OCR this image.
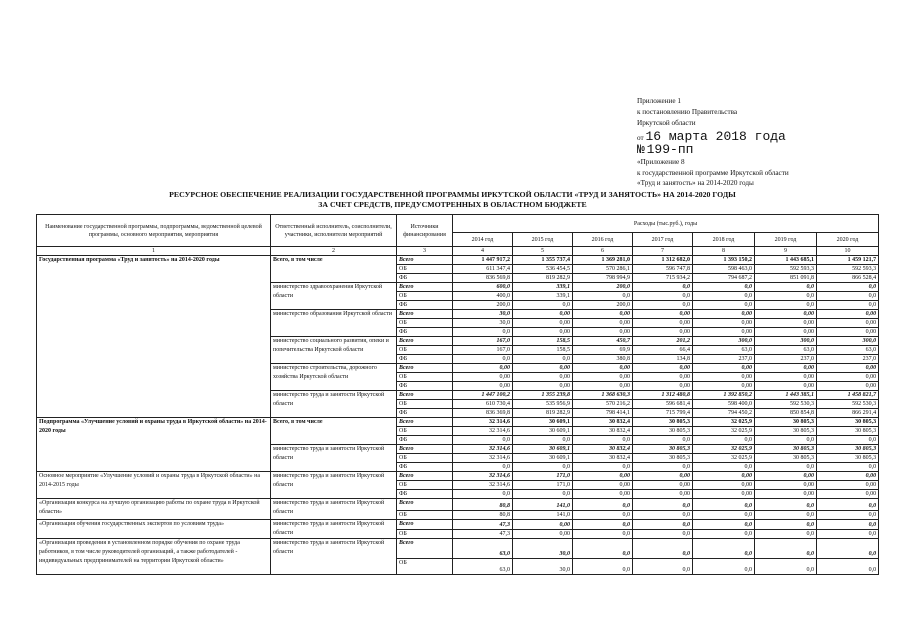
Приложение 1
к постановлению Правительства
Иркутской области
от 16 марта 2018 года
№ 199-пп
«Приложение 8
к государственной программе Иркутской области
«Труд и занятость» на 2014-2020 годы
РЕСУРСНОЕ ОБЕСПЕЧЕНИЕ РЕАЛИЗАЦИИ ГОСУДАРСТВЕННОЙ ПРОГРАММЫ ИРКУТСКОЙ ОБЛАСТИ «ТРУД И ЗАНЯТОСТЬ» НА 2014-2020 ГОДЫ
ЗА СЧЕТ СРЕДСТВ, ПРЕДУСМОТРЕННЫХ В ОБЛАСТНОМ БЮДЖЕТЕ
Наименование государственной программы, подпрограммы, ведомственной целевой программы, основного мероприятия, мероприятия	Ответственный исполнитель, соисполнители, участники, исполнители мероприятий	Источники финансирования	Расходы (тыс.руб.), годы						
			2014 год	2015 год	2016 год	2017 год	2018 год	2019 год	2020 год
1	2	3	4	5	6	7	8	9	10
Государственная программа «Труд и занятость» на 2014-2020 годы	Всего, в том числе	Всего	1 447 917,2	1 355 737,4	1 369 281,0	1 312 682,0	1 393 150,2	1 443 685,1	1 459 121,7
		ОБ	611 347,4	536 454,5	570 286,1	596 747,8	598 463,0	592 593,3	592 593,3
		ФБ	836 569,8	819 282,9	798 994,9	715 934,2	794 687,2	851 091,8	866 528,4
	министерство здравоохранения Иркутской области	Всего	600,0	339,1	200,0	0,0	0,0	0,0	0,0
		ОБ	400,0	339,1	0,0	0,0	0,0	0,0	0,0
		ФБ	200,0	0,0	200,0	0,0	0,0	0,0	0,0
	министерство образования Иркутской области	Всего	30,0	0,00	0,00	0,00	0,00	0,00	0,00
		ОБ	30,0	0,00	0,00	0,00	0,00	0,00	0,00
		ФБ	0,0	0,00	0,00	0,00	0,00	0,00	0,00
	министерство социального развития, опеки и попечительства Иркутской области	Всего	167,0	158,5	450,7	201,2	300,0	300,0	300,0
		ОБ	167,0	158,5	69,9	66,4	63,0	63,0	63,0
		ФБ	0,0	0,0	380,8	134,8	237,0	237,0	237,0
	министерство строительства, дорожного хозяйства Иркутской области	Всего	0,00	0,00	0,00	0,00	0,00	0,00	0,00
		ОБ	0,00	0,00	0,00	0,00	0,00	0,00	0,00
		ФБ	0,00	0,00	0,00	0,00	0,00	0,00	0,00
	министерство труда и занятости Иркутской области	Всего	1 447 100,2	1 355 239,8	1 368 630,3	1 312 480,8	1 392 850,2	1 443 385,1	1 458 821,7
		ОБ	610 730,4	535 956,9	570 216,2	596 681,4	598 400,0	592 530,3	592 530,3
		ФБ	836 369,8	819 282,9	798 414,1	715 799,4	794 450,2	850 854,8	866 291,4
Подпрограмма «Улучшение условий и охраны труда в Иркутской области» на 2014-2020 годы	Всего, в том числе	Всего	32 314,6	30 609,1	30 832,4	30 805,3	32 025,9	30 805,3	30 805,3
		ОБ	32 314,6	30 609,1	30 832,4	30 805,3	32 025,9	30 805,3	30 805,3
		ФБ	0,0	0,0	0,0	0,0	0,0	0,0	0,0
	министерство труда и занятости Иркутской области	Всего	32 314,6	30 609,1	30 832,4	30 805,3	32 025,9	30 805,3	30 805,3
		ОБ	32 314,6	30 609,1	30 832,4	30 805,3	32 025,9	30 805,3	30 805,3
		ФБ	0,0	0,0	0,0	0,0	0,0	0,0	0,0
Основное мероприятие «Улучшение условий и охраны труда в Иркутской области» на 2014-2015 годы	министерство труда и занятости Иркутской области	Всего	32 314,6	171,0	0,00	0,00	0,00	0,00	0,00
		ОБ	32 314,6	171,0	0,00	0,00	0,00	0,00	0,00
		ФБ	0,0	0,0	0,00	0,00	0,00	0,00	0,00
«Организация конкурса на лучшую организацию работы по охране труда в Иркутской области»	министерство труда и занятости Иркутской области	Всего	80,8	141,0	0,0	0,0	0,0	0,0	0,0
		ОБ	80,8	141,0	0,0	0,0	0,0	0,0	0,0
«Организация обучения государственных экспертов по условиям труда»	министерство труда и занятости Иркутской области	Всего	47,3	0,00	0,0	0,0	0,0	0,0	0,0
		ОБ	47,3	0,00	0,0	0,0	0,0	0,0	0,0
«Организация проведения в установленном порядке обучения по охране труда работников, в том числе руководителей организаций, а также работодателей - индивидуальных предпринимателей на территории Иркутской области»	министерство труда и занятости Иркутской области	Всего	63,0	30,0	0,0	0,0	0,0	0,0	0,0
		ОБ	63,0	30,0	0,0	0,0	0,0	0,0	0,0
